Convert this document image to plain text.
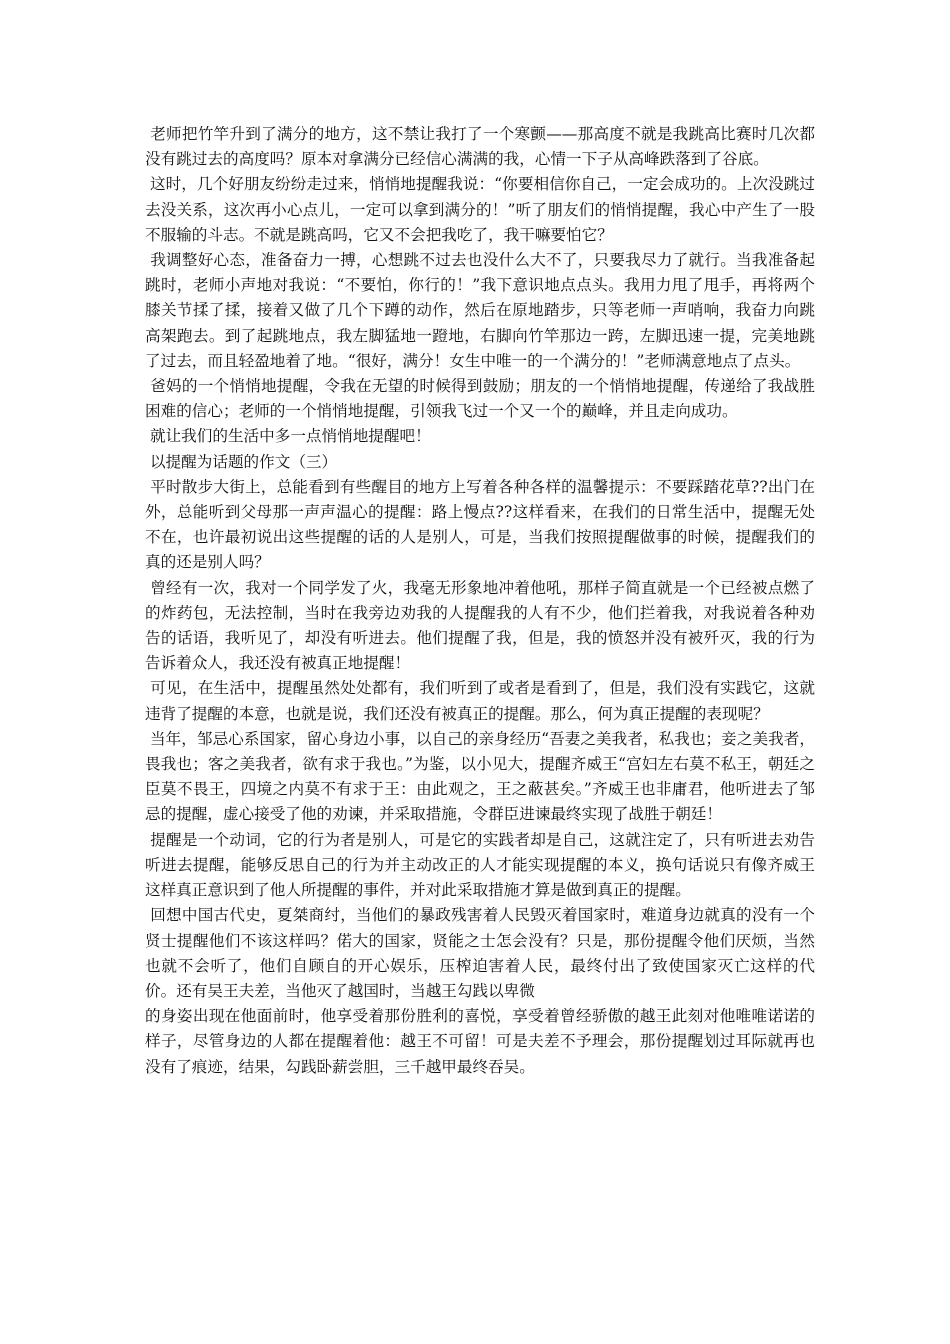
老师把竹竿升到了满分的地方，这不禁让我打了一个寒颤——那高度不就是我跳高比赛时几次都没有跳过去的高度吗？原本对拿满分已经信心满满的我，心情一下子从高峰跌落到了谷底。

这时，几个好朋友纷纷走过来，悄悄地提醒我说：“你要相信你自己，一定会成功的。上次没跳过去没关系，这次再小心点儿，一定可以拿到满分的！”听了朋友们的悄悄提醒，我心中产生了一股不服输的斗志。不就是跳高吗，它又不会把我吃了，我干嘛要怕它？

我调整好心态，准备奋力一搏，心想跳不过去也没什么大不了，只要我尽力了就行。当我准备起跳时，老师小声地对我说：“不要怕，你行的！”我下意识地点点头。我用力甩了甩手，再将两个膝关节揉了揉，接着又做了几个下蹲的动作，然后在原地踏步，只等老师一声哨响，我奋力向跳高架跑去。到了起跳地点，我左脚猛地一蹬地，右脚向竹竿那边一跨，左脚迅速一提，完美地跳了过去，而且轻盈地着了地。“很好，满分！女生中唯一的一个满分的！”老师满意地点了点头。

爸妈的一个悄悄地提醒，令我在无望的时候得到鼓励；朋友的一个悄悄地提醒，传递给了我战胜困难的信心；老师的一个悄悄地提醒，引领我飞过一个又一个的巅峰，并且走向成功。

就让我们的生活中多一点悄悄地提醒吧！

以提醒为话题的作文（三）

平时散步大街上，总能看到有些醒目的地方上写着各种各样的温馨提示：不要踩踏花草??出门在外，总能听到父母那一声声温心的提醒：路上慢点??这样看来，在我们的日常生活中，提醒无处不在，也许最初说出这些提醒的话的人是别人，可是，当我们按照提醒做事的时候，提醒我们的真的还是别人吗？

曾经有一次，我对一个同学发了火，我毫无形象地冲着他吼，那样子简直就是一个已经被点燃了的炸药包，无法控制，当时在我旁边劝我的人提醒我的人有不少，他们拦着我，对我说着各种劝告的话语，我听见了，却没有听进去。他们提醒了我，但是，我的愤怒并没有被歼灭，我的行为告诉着众人，我还没有被真正地提醒！

可见，在生活中，提醒虽然处处都有，我们听到了或者是看到了，但是，我们没有实践它，这就违背了提醒的本意，也就是说，我们还没有被真正的提醒。那么，何为真正提醒的表现呢？

当年，邹忌心系国家，留心身边小事，以自己的亲身经历“吾妻之美我者，私我也；妾之美我者，畏我也；客之美我者，欲有求于我也。”为鉴，以小见大，提醒齐威王“宫妇左右莫不私王，朝廷之臣莫不畏王，四境之内莫不有求于王：由此观之，王之蔽甚矣。”齐威王也非庸君，他听进去了邹忌的提醒，虚心接受了他的劝谏，并采取措施，令群臣进谏最终实现了战胜于朝廷！

提醒是一个动词，它的行为者是别人，可是它的实践者却是自己，这就注定了，只有听进去劝告听进去提醒，能够反思自己的行为并主动改正的人才能实现提醒的本义，换句话说只有像齐威王这样真正意识到了他人所提醒的事件，并对此采取措施才算是做到真正的提醒。

回想中国古代史，夏桀商纣，当他们的暴政残害着人民毁灭着国家时，难道身边就真的没有一个贤士提醒他们不该这样吗？偌大的国家，贤能之士怎会没有？只是，那份提醒令他们厌烦，当然也就不会听了，他们自顾自的开心娱乐，压榨迫害着人民，最终付出了致使国家灭亡这样的代价。还有吴王夫差，当他灭了越国时，当越王勾践以卑微

的身姿出现在他面前时，他享受着那份胜利的喜悦，享受着曾经骄傲的越王此刻对他唯唯诺诺的样子，尽管身边的人都在提醒着他：越王不可留！可是夫差不予理会，那份提醒划过耳际就再也没有了痕迹，结果，勾践卧薪尝胆，三千越甲最终吞吴。
